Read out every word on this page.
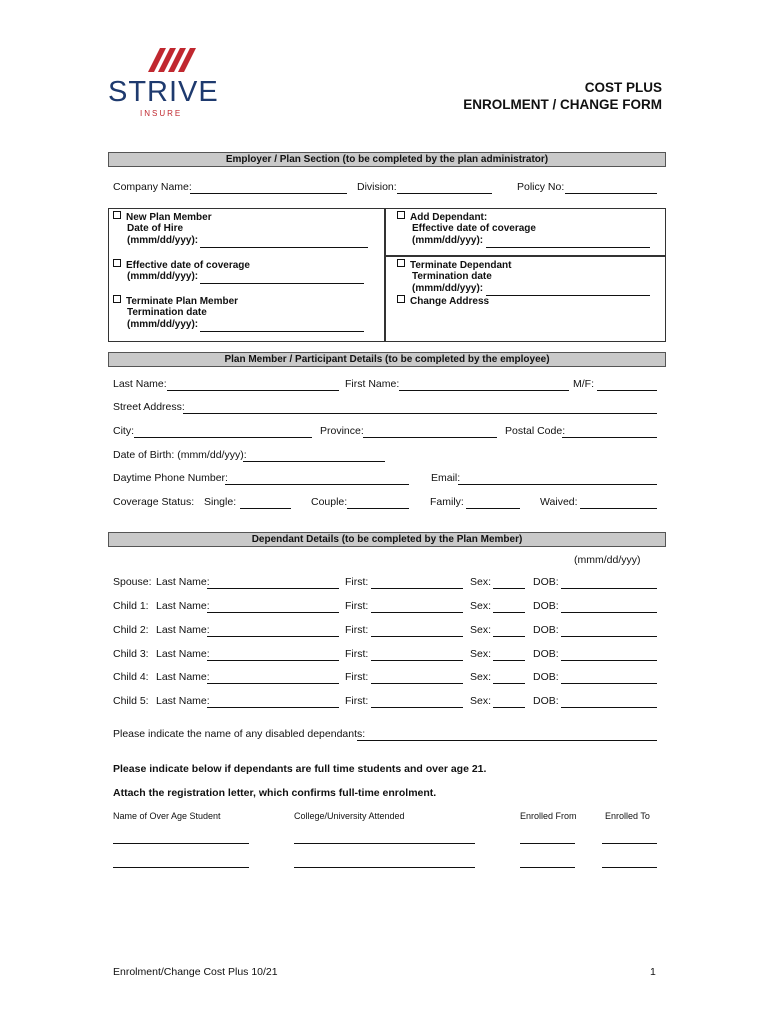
STRIVE
INSURE
COST PLUS
ENROLMENT / CHANGE FORM
Employer / Plan Section (to be completed by the plan administrator)
Company Name:	Division:	Policy No:
New Plan Member
Date of Hire
(mmm/dd/yyy):
Effective date of coverage
(mmm/dd/yyy):
Terminate Plan Member
Termination date
(mmm/dd/yyy):
Add Dependant:
Effective date of coverage
(mmm/dd/yyy):
Terminate Dependant
Termination date
(mmm/dd/yyy):
Change Address
Plan Member / Participant Details (to be completed by the employee)
Last Name:	First Name:	M/F:
Street Address:
City:	Province:	Postal Code:
Date of Birth: (mmm/dd/yyy):
Daytime Phone Number:	Email:
Coverage Status: Single:	Couple:	Family:	Waived:
Dependant Details (to be completed by the Plan Member)
(mmm/dd/yyy)
Spouse: Last Name:	First:	Sex:	DOB:
Child 1: Last Name:	First:	Sex:	DOB:
Child 2: Last Name:	First:	Sex:	DOB:
Child 3: Last Name:	First:	Sex:	DOB:
Child 4: Last Name:	First:	Sex:	DOB:
Child 5: Last Name:	First:	Sex:	DOB:
Please indicate the name of any disabled dependants:
Please indicate below if dependants are full time students and over age 21.
Attach the registration letter, which confirms full-time enrolment.
Name of Over Age Student	College/University Attended	Enrolled From	Enrolled To
Enrolment/Change Cost Plus 10/21	1
